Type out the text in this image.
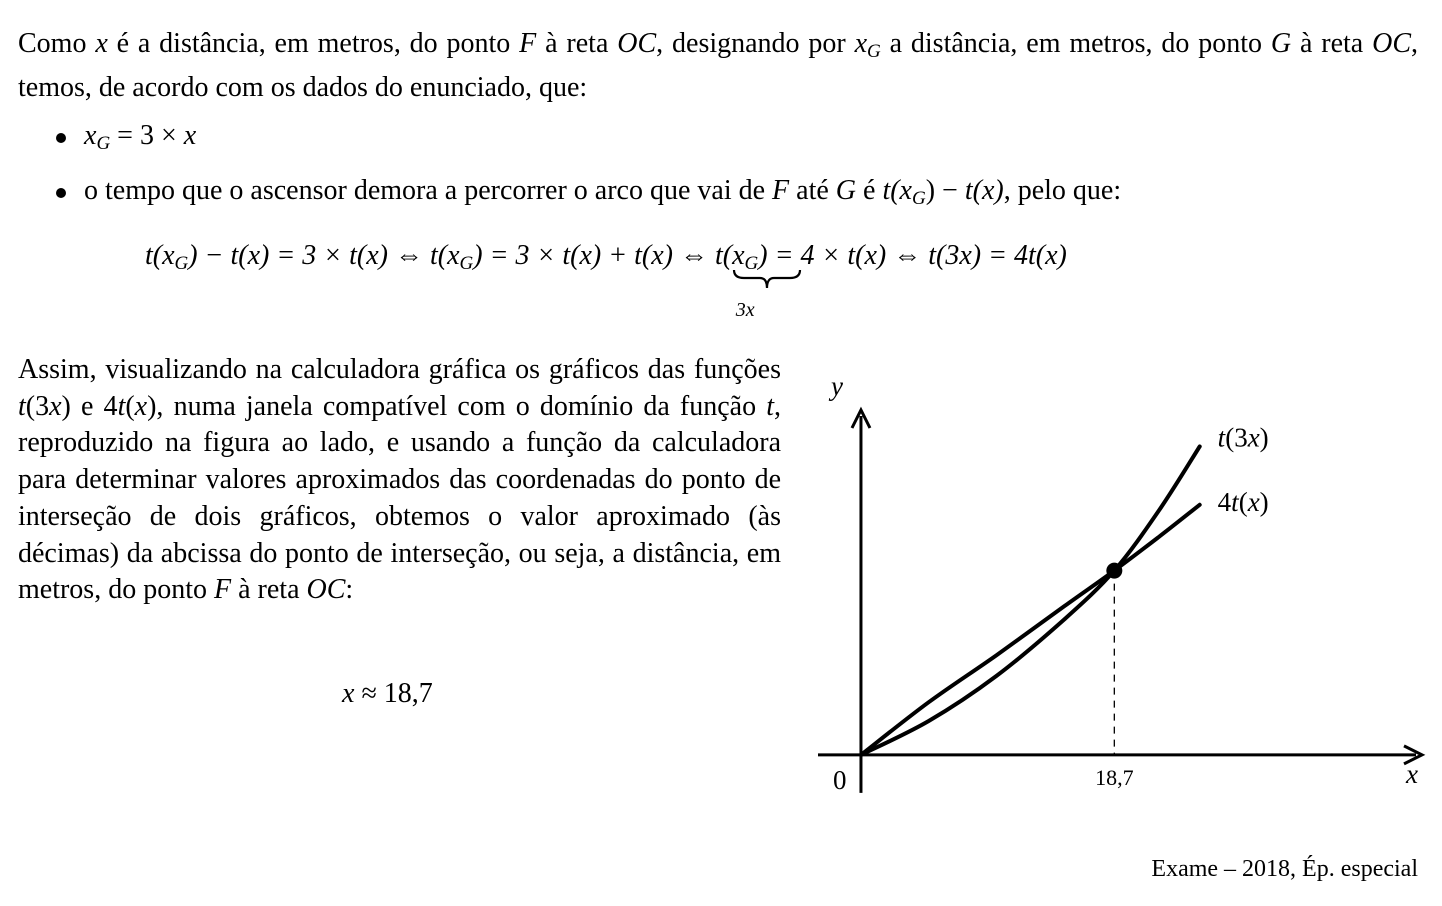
Como x é a distância, em metros, do ponto F à reta OC, designando por $x_G$ a distância, em metros, do ponto G à reta OC, temos, de acordo com os dados do enunciado, que:

$x_G = 3 \times x$
o tempo que o ascensor demora a percorrer o arco que vai de F até G é $t(x_G) - t(x)$, pelo que:
$t(x_G) - t(x) = 3 \times t(x)$ ⇔ $t(x_G) = 3 \times t(x) + t(x)$ ⇔ $t(x_G$
3x
) = 4 × t(x) ⇔ t(3x) = 4t(x)

Assim, visualizando na calculadora gráfica os gráficos das funções t(3x) e 4t(x), numa janela compatível com o domínio da função t, reproduzido na figura ao lado, e usando a função da calculadora para determinar valores aproximados das coordenadas do ponto de interseção de dois gráficos, obtemos o valor aproximado (às décimas) da abcissa do ponto de interseção, ou seja, a distância, em metros, do ponto F à reta OC:

x ≈ 18,7
x
y
0
t(3x)
4t(x)
18,7
Exame – 2018, Ép. especial
